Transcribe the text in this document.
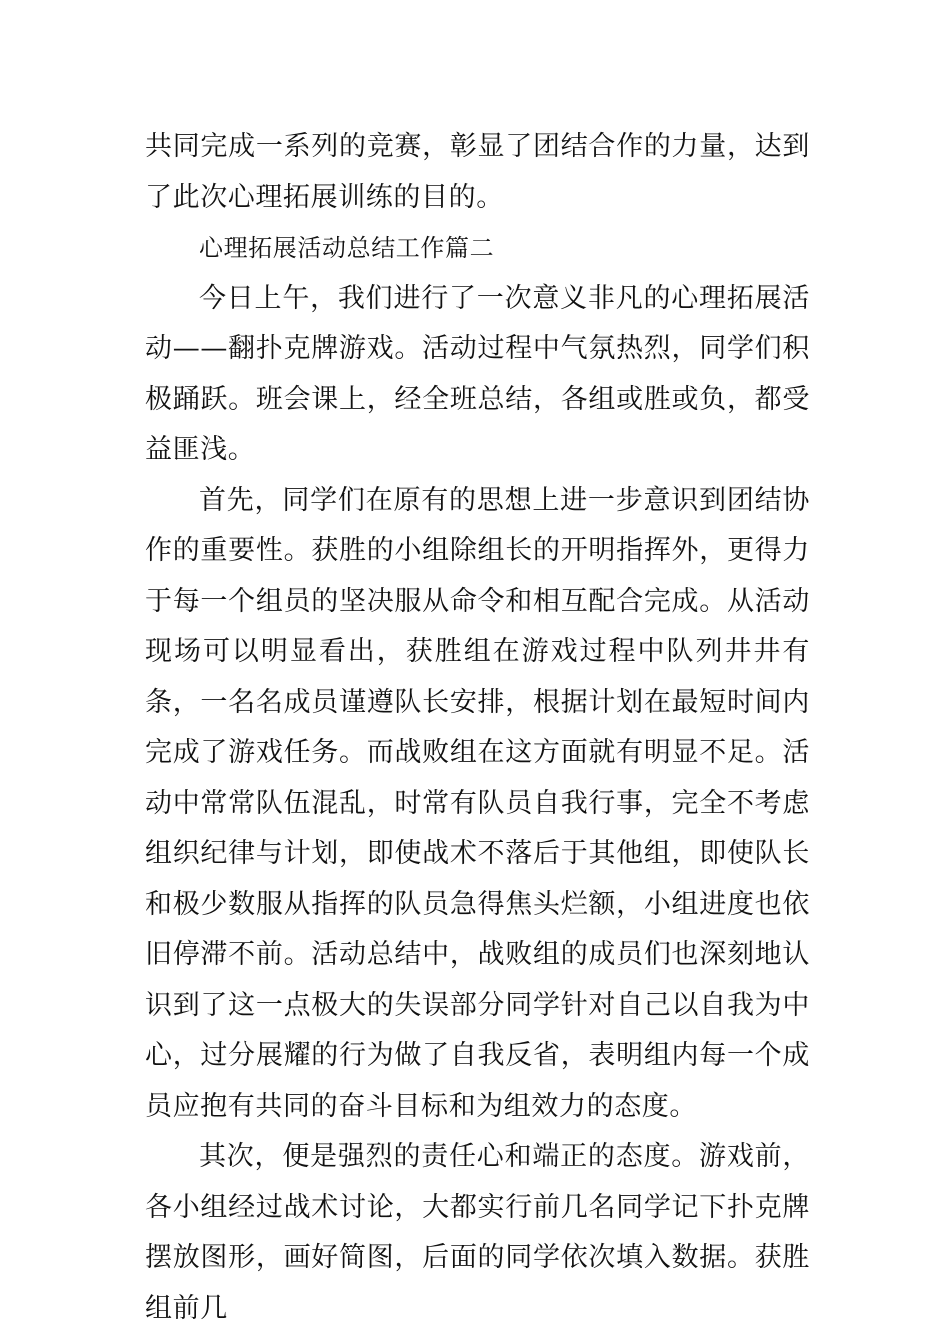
共同完成一系列的竞赛，彰显了团结合作的力量，达到了此次心理拓展训练的目的。

心理拓展活动总结工作篇二

今日上午，我们进行了一次意义非凡的心理拓展活动——翻扑克牌游戏。活动过程中气氛热烈，同学们积极踊跃。班会课上，经全班总结，各组或胜或负，都受益匪浅。

首先，同学们在原有的思想上进一步意识到团结协作的重要性。获胜的小组除组长的开明指挥外，更得力于每一个组员的坚决服从命令和相互配合完成。从活动现场可以明显看出，获胜组在游戏过程中队列井井有条，一名名成员谨遵队长安排，根据计划在最短时间内完成了游戏任务。而战败组在这方面就有明显不足。活动中常常队伍混乱，时常有队员自我行事，完全不考虑组织纪律与计划，即使战术不落后于其他组，即使队长和极少数服从指挥的队员急得焦头烂额，小组进度也依旧停滞不前。活动总结中，战败组的成员们也深刻地认识到了这一点极大的失误部分同学针对自己以自我为中心，过分展耀的行为做了自我反省，表明组内每一个成员应抱有共同的奋斗目标和为组效力的态度。

其次，便是强烈的责任心和端正的态度。游戏前，各小组经过战术讨论，大都实行前几名同学记下扑克牌摆放图形，画好简图，后面的同学依次填入数据。获胜组前几
